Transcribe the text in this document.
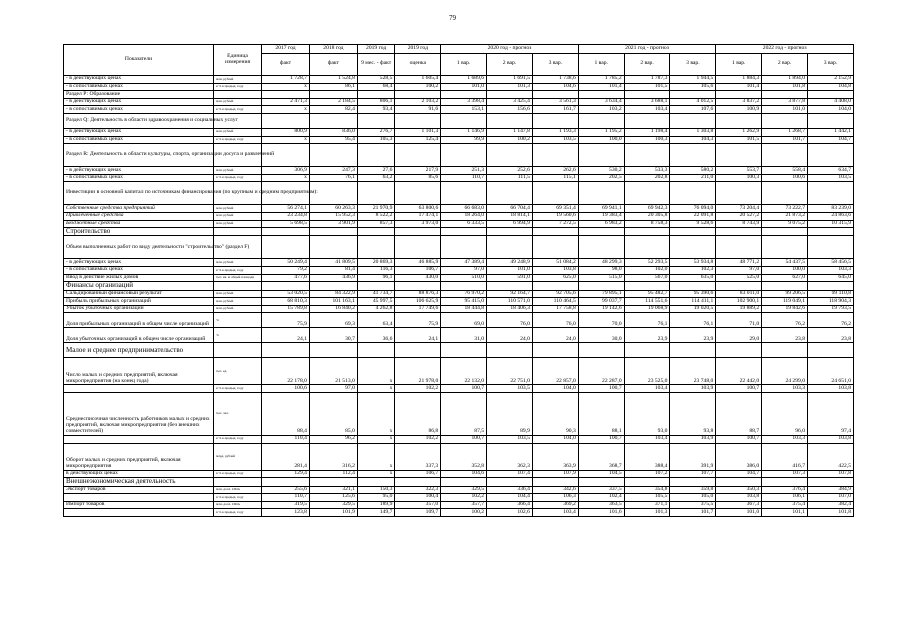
79
Показатели	Единица измерения	2017 год	2018 год	2019 год	2019 год	2020 год - прогноз			2021 год - прогноз			2022 год - прогноз		
		факт	факт	9 мес. - факт	оценка	1 вар.	2 вар.	3 вар.	1 вар.	2 вар.	3 вар.	1 вар.	2 вар.	3 вар.
- в действующих ценах	млн. рублей	1 728,7	1 524,8	528,5	1 605,4	1 689,6	1 691,5	1 738,6	1 785,2	1 787,3	1 944,5	1 884,3	1 894,0	2 152,9
- в сопоставимых ценах	в % к предыд. году	x	86,1	68,4	100,2	101,0	101,3	104,6	101,4	101,5	105,6	101,4	101,8	104,8
Раздел Р: Образование														
- в действующих ценах	млн. рублей	2 471,3	2 184,5	806,1	2 103,2	3 398,4	3 425,4	3 561,3	3 634,4	3 688,1	4 012,5	3 837,2	3 877,8	4 408,0
- в сопоставимых ценах	в % к предыд. году	x	82,4	93,4	91,6	153,1	156,6	161,7	103,2	103,4	107,6	100,9	101,0	104,0
Раздел Q: Деятельность в области здравоохранения и социальных услуг														
- в действующих ценах	млн. рублей	800,9	836,0	276,7	1 101,3	1 146,9	1 147,8	1 193,3	1 195,2	1 198,4	1 303,8	1 262,9	1 268,7	1 442,1
- в сопоставимых ценах	в % к предыд. году	x	95,4	105,3	125,4	99,9	100,2	103,5	100,0	100,3	104,3	101,5	101,7	104,7
Раздел R: Деятельность в области культуры, спорта, организации досуга и развлечений														
- в действующих ценах	млн. рублей	306,9	247,3	27,6	217,9	251,3	252,6	262,6	530,2	533,3	580,2	553,7	558,4	634,7
- в сопоставимых ценах	в % к предыд. году	x	76,1	63,2	85,6	110,7	111,5	115,1	202,5	202,8	211,0	100,3	100,6	103,5
Инвестиции в основной капитал по источникам финансирования (по крупным и средним предприятиям):														
Собственные средства предприятий	млн. рублей	56 274,1	60 263,3	21 970,9	63 800,6	66 683,0	66 704,4	69 351,4	69 941,1	69 942,3	76 094,0	73 204,4	73 222,7	83 239,0
Привлеченные средства	млн. рублей	23 234,8	15 952,3	8 522,2	17 474,1	18 264,0	18 814,1	19 560,6	19 383,4	20 305,8	22 091,8	20 527,2	21 873,2	24 863,6
Бюджетные средства	млн. рублей	5 698,5	3 901,9	857,3	3 973,0	6 333,5	6 994,9	7 272,5	6 983,2	8 758,3	9 528,6	8 743,9	9 075,2	10 315,9
Строительство														
Объем выполненных работ по виду деятельности "строительство" (раздел F)														
- в действующих ценах	млн. рублей	50 249,4	41 809,5	20 869,3	46 885,9	47 389,4	49 248,9	51 084,2	48 299,3	52 293,5	53 934,8	48 771,2	54 437,5	58 456,5
- в сопоставимых ценах	в % к предыд. году	79,2	81,4	116,3	106,7	97,0	101,0	103,8	98,0	102,0	102,3	97,0	100,0	103,3
Ввод в действие жилых домов	тыс. кв. м общей площади	477,6	436,9	96,1	430,0	510,0	591,0	625,0	515,0	567,0	635,0	525,0	627,0	645,0
Финансы организаций														
Сальдированный финансовый результат	млн. рублей	53 020,5	84 322,9	41 734,7	88 876,3	76 970,2	92 164,7	92 705,6	79 895,1	95 482,7	95 390,6	83 011,0	99 206,5	99 110,8
Прибыль прибыльных организаций	млн. рублей	68 810,3	101 163,1	45 997,5	106 625,9	95 415,0	110 571,0	110 464,5	99 037,7	114 551,6	114 411,1	102 900,1	119 049,1	118 904,3
Убыток убыточных организаций	млн. рублей	15 789,8	16 840,2	4 262,8	17 749,6	18 444,8	18 406,3	17 758,8	19 142,6	19 068,9	19 020,5	19 889,2	19 842,6	19 793,5
Доля прибыльных организаций в общем числе организаций	%	75,9	69,3	63,4	75,9	69,0	76,0	76,0	70,0	76,1	76,1	71,0	76,2	76,2
Доля убыточных организаций в общем числе организаций	%	24,1	30,7	36,6	24,1	31,0	24,0	24,0	30,0	23,9	23,9	29,0	23,8	23,8
Малое и среднее предпринимательство														
Число малых и средних предприятий, включая микропредприятия (на конец года)	тыс. ед.	22 178,0	21 513,0	x	21 978,0	22 132,0	22 751,0	22 857,0	22 287,0	23 525,0	23 748,0	22 442,0	24 299,0	24 651,0
	в % к предыд. году	100,6	97,0	x	102,2	100,7	103,5	104,0	100,7	103,4	103,9	100,7	103,3	103,8
Среднесписочная численность работников малых и средних предприятий, включая микропредприятия (без внешних совместителей)	тыс. чел.	88,4	85,0	x	86,8	87,5	89,9	90,3	88,1	93,0	93,8	88,7	96,0	97,4
	в % к предыд. году	110,4	96,2	x	102,2	100,7	103,5	104,0	100,7	103,4	103,9	100,7	103,3	103,8
Оборот малых и средних предприятий, включая микропредприятия	млрд. рублей	281,4	316,2	x	337,3	352,8	362,3	363,9	368,7	388,4	391,9	386,0	416,7	422,5
в действующих ценах	в % к предыд. году	129,4	112,4	x	106,7	104,6	107,4	107,9	104,5	107,2	107,7	104,7	107,3	107,8
Внешнеэкономическая деятельность														
Экспорт товаров	млн. долл. США	255,6	321,1	150,3	322,3	329,5	336,4	342,6	337,5	354,8	359,8	350,3	376,4	384,9
	в % к предыд. году	110,7	125,6	95,0	100,4	102,2	104,4	106,3	102,4	105,5	105,0	103,8	106,1	107,0
Импорт товаров	млн. долл. США	319,5	329,5	189,9	357,0	357,7	366,4	369,2	363,5	371,1	375,5	367,3	375,4	382,4
	в % к предыд. году	123,8	101,9	149,7	109,7	100,2	102,6	103,4	101,6	101,3	101,7	101,0	101,1	101,8
